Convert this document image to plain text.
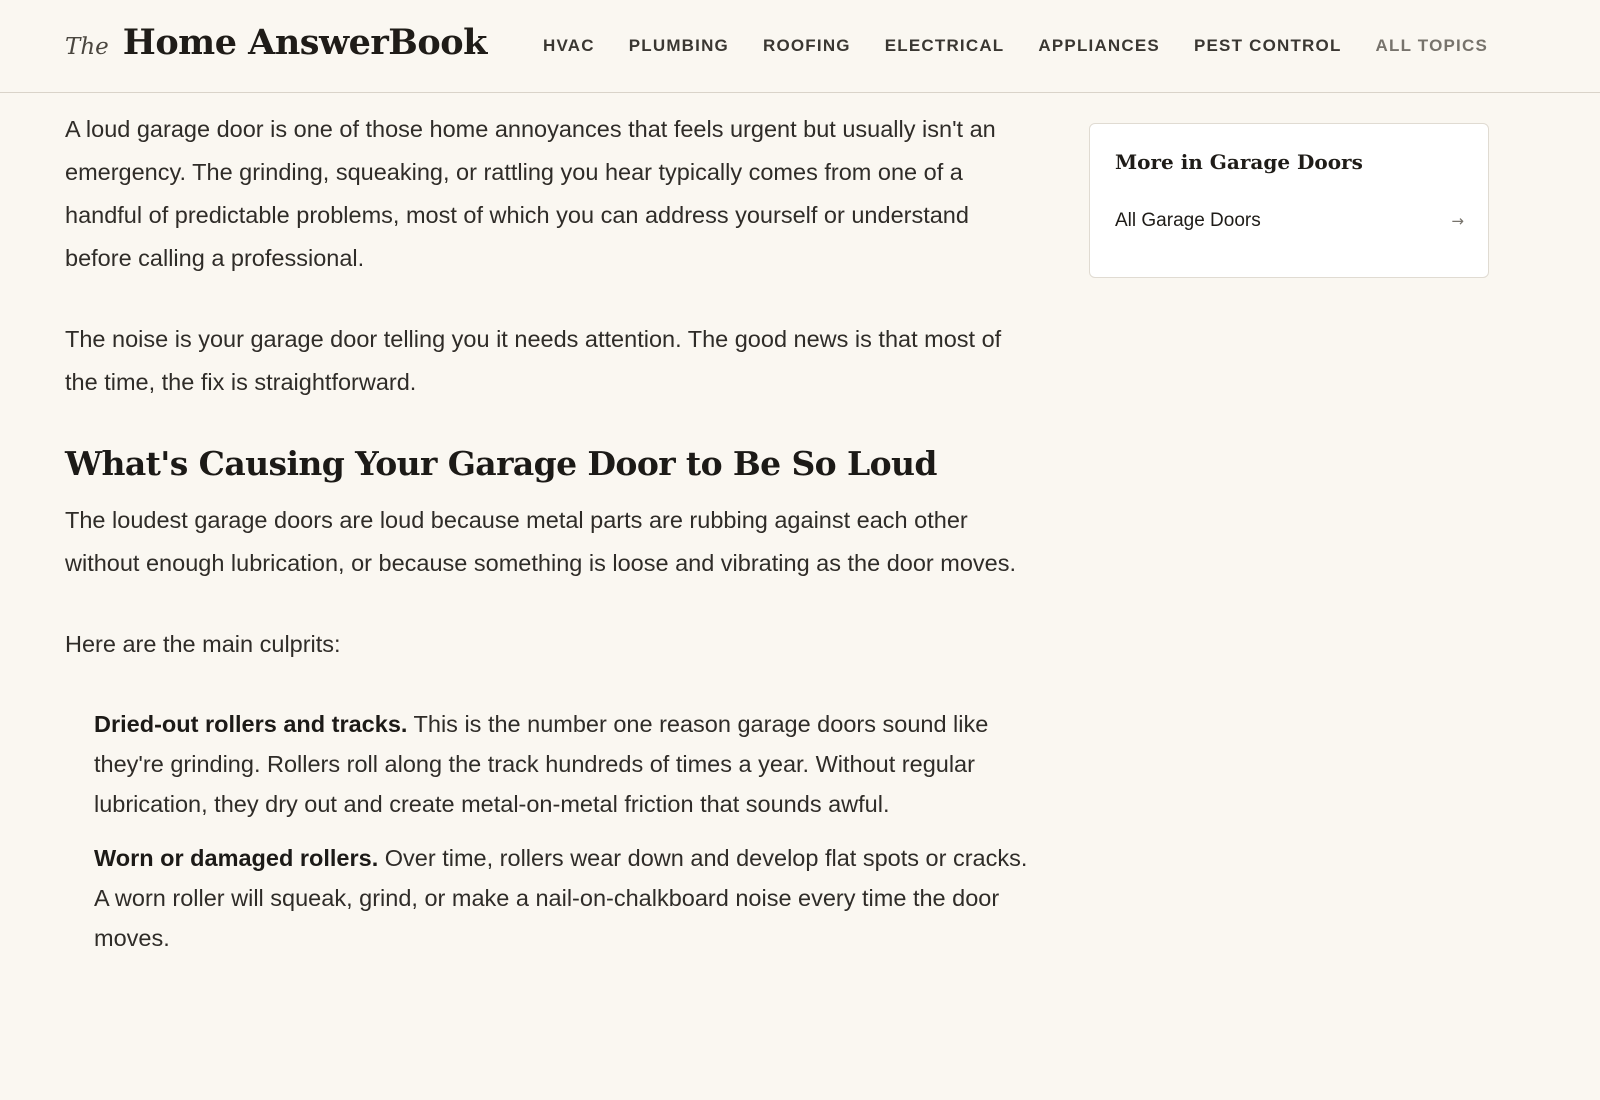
The Home AnswerBook	HVAC PLUMBING ROOFING ELECTRICAL APPLIANCES PEST CONTROL ALL TOPICS

A loud garage door is one of those home annoyances that feels urgent but usually isn't an emergency. The grinding, squeaking, or rattling you hear typically comes from one of a handful of predictable problems, most of which you can address yourself or understand before calling a professional.

The noise is your garage door telling you it needs attention. The good news is that most of the time, the fix is straightforward.

What's Causing Your Garage Door to Be So Loud

The loudest garage doors are loud because metal parts are rubbing against each other without enough lubrication, or because something is loose and vibrating as the door moves.

Here are the main culprits:

Dried-out rollers and tracks. This is the number one reason garage doors sound like they're grinding. Rollers roll along the track hundreds of times a year. Without regular lubrication, they dry out and create metal-on-metal friction that sounds awful.
Worn or damaged rollers. Over time, rollers wear down and develop flat spots or cracks. A worn roller will squeak, grind, or make a nail-on-chalkboard noise every time the door moves.
More in Garage Doors
All Garage Doors	→
